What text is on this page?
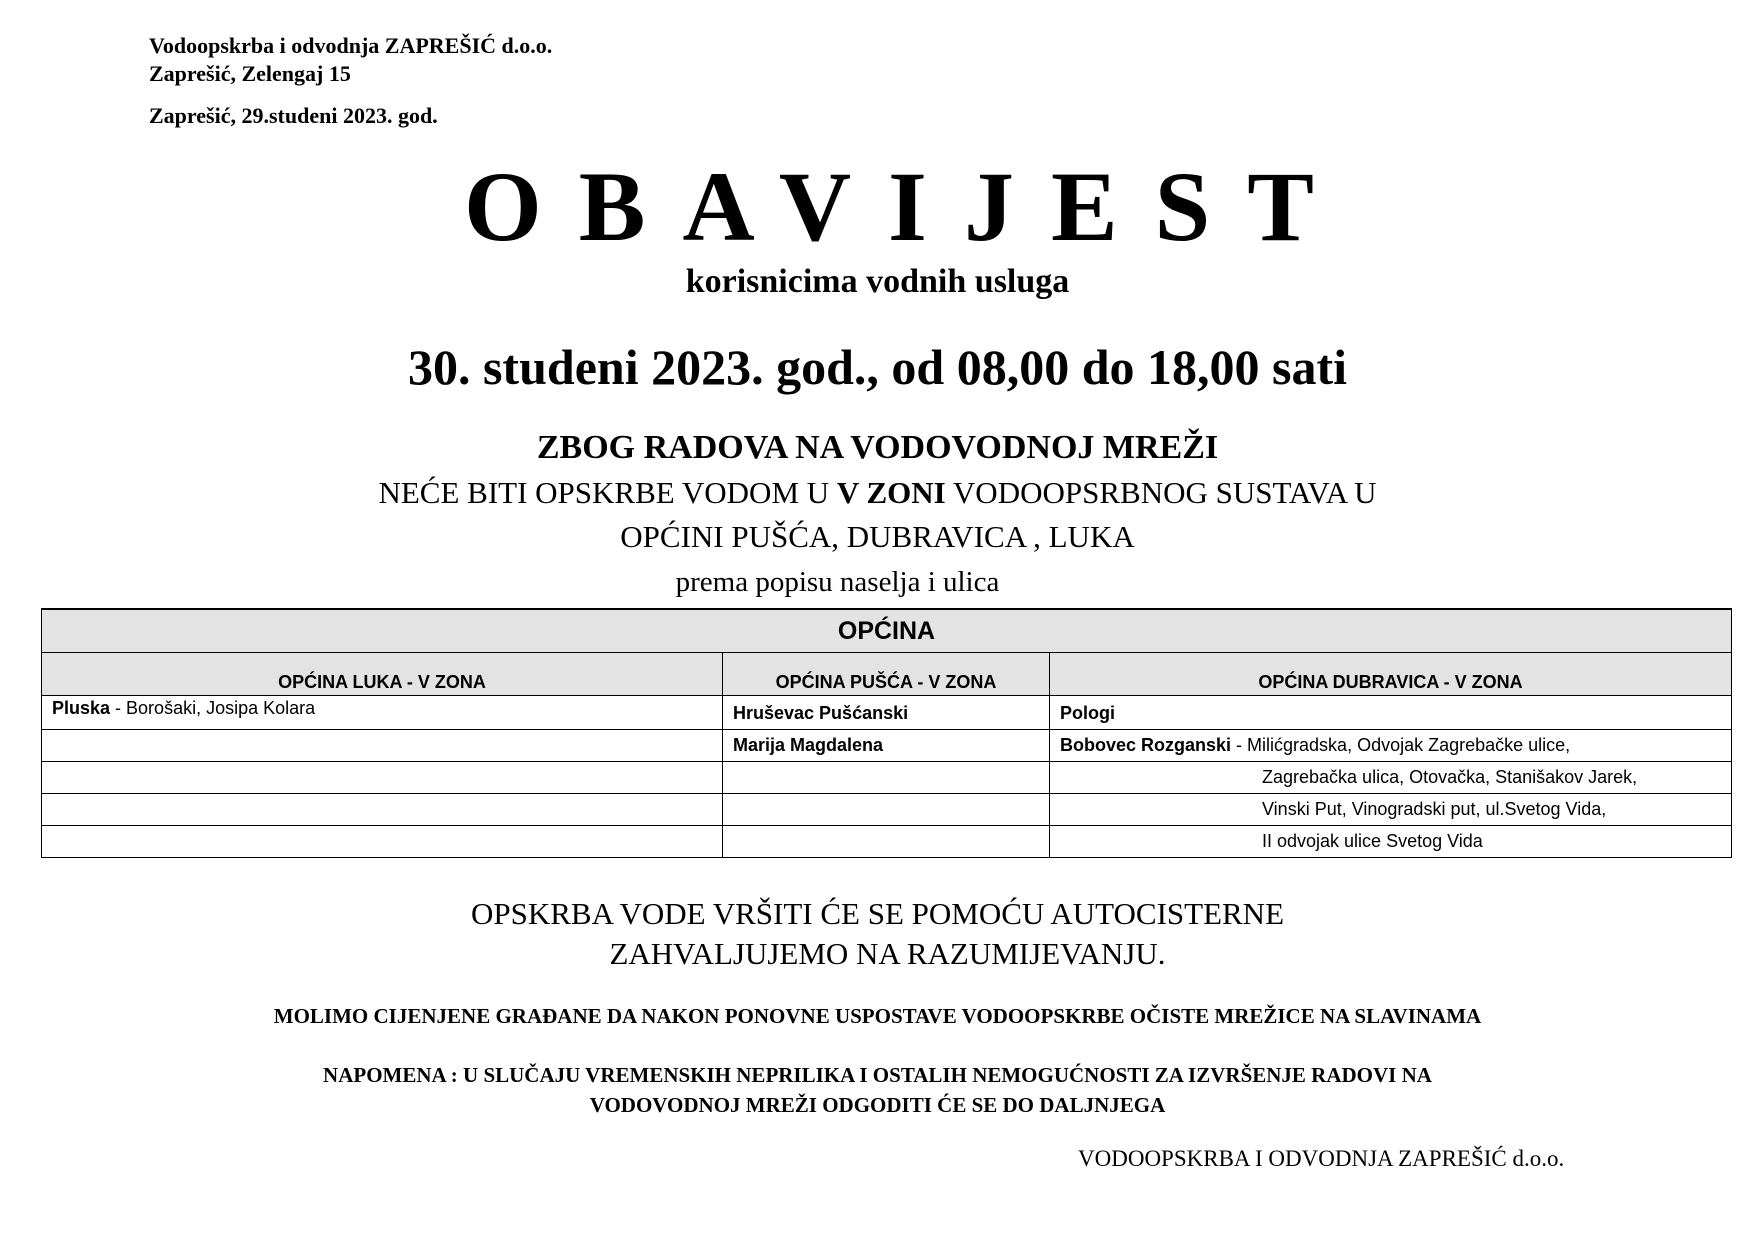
Vodoopskrba i odvodnja ZAPREŠIĆ d.o.o.
Zaprešić, Zelengaj 15
Zaprešić, 29.studeni 2023. god.
OBAVIJEST
korisnicima vodnih usluga
30. studeni 2023. god., od 08,00 do 18,00 sati
ZBOG RADOVA NA VODOVODNOJ MREŽI
NEĆE BITI OPSKRBE VODOM U V ZONI VODOOPSRBNOG SUSTAVA U
OPĆINI PUŠĆA, DUBRAVICA , LUKA
prema popisu naselja i ulica
OPĆINA		
OPĆINA LUKA - V ZONA	OPĆINA PUŠĆA - V ZONA	OPĆINA DUBRAVICA - V ZONA
Pluska - Borošaki, Josipa Kolara	Hruševac Pušćanski	Pologi
	Marija Magdalena	Bobovec Rozganski - Milićgradska, Odvojak Zagrebačke ulice,
		Zagrebačka ulica, Otovačka, Stanišakov Jarek,
		Vinski Put, Vinogradski put, ul.Svetog Vida,
		II odvojak ulice Svetog Vida
OPSKRBA VODE VRŠITI ĆE SE POMOĆU AUTOCISTERNE
ZAHVALJUJEMO NA RAZUMIJEVANJU.
MOLIMO CIJENJENE GRAĐANE DA NAKON PONOVNE USPOSTAVE VODOOPSKRBE OČISTE MREŽICE NA SLAVINAMA
NAPOMENA : U SLUČAJU VREMENSKIH NEPRILIKA I OSTALIH NEMOGUĆNOSTI ZA IZVRŠENJE RADOVI NA
VODOVODNOJ MREŽI ODGODITI ĆE SE DO DALJNJEGA
VODOOPSKRBA I ODVODNJA ZAPREŠIĆ d.o.o.
